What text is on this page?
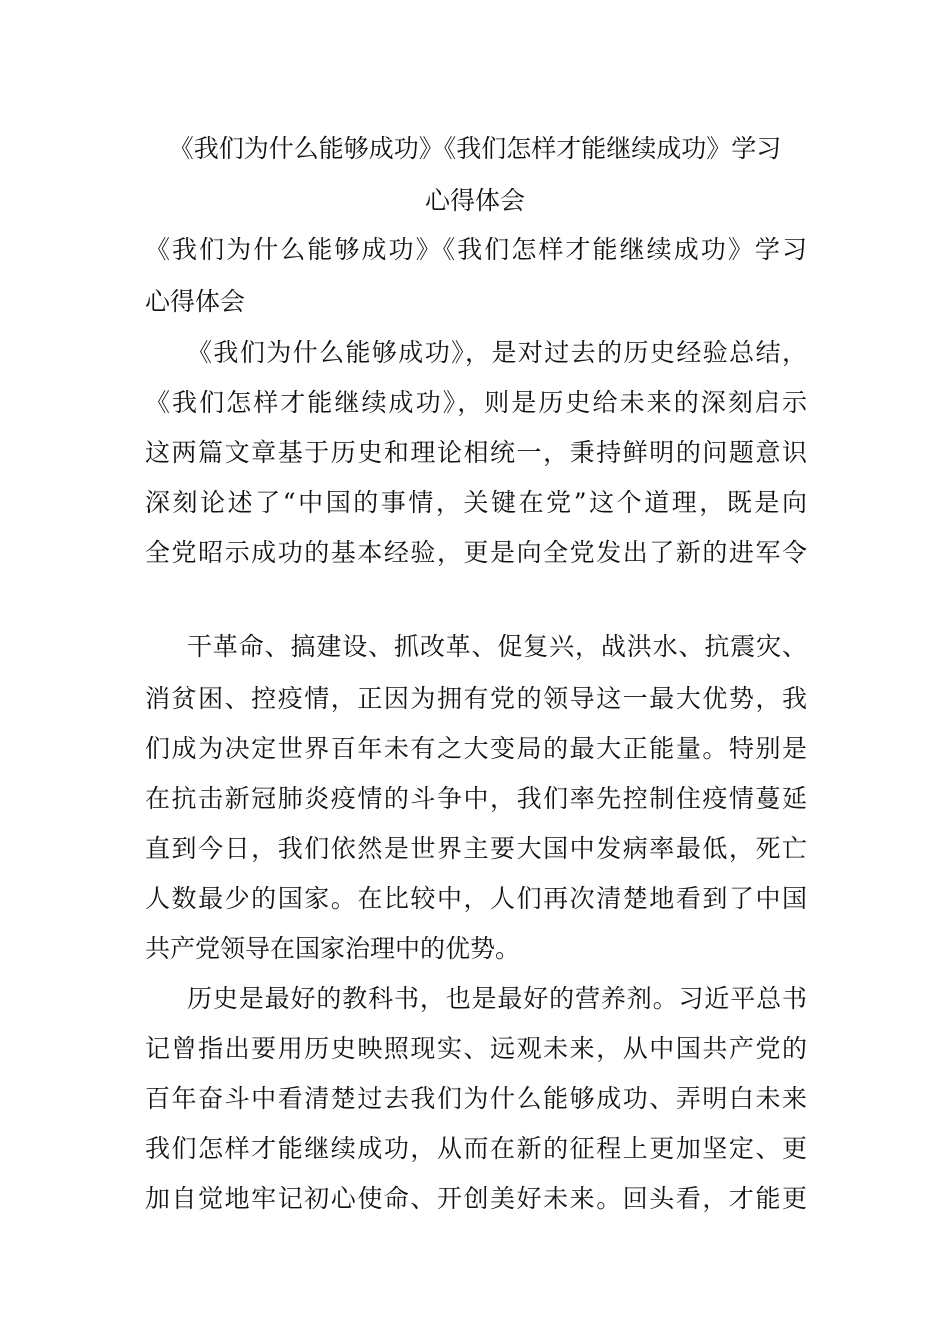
《我们为什么能够成功》《我们怎样才能继续成功》学习
心得体会
《我们为什么能够成功》《我们怎样才能继续成功》学习
心得体会
《我们为什么能够成功》，是对过去的历史经验总结，
《我们怎样才能继续成功》，则是历史给未来的深刻启示
这两篇文章基于历史和理论相统一，秉持鲜明的问题意识
深刻论述了“中国的事情，关键在党”这个道理，既是向
全党昭示成功的基本经验，更是向全党发出了新的进军令
干革命、搞建设、抓改革、促复兴，战洪水、抗震灾、
消贫困、控疫情，正因为拥有党的领导这一最大优势，我
们成为决定世界百年未有之大变局的最大正能量。特别是
在抗击新冠肺炎疫情的斗争中，我们率先控制住疫情蔓延
直到今日，我们依然是世界主要大国中发病率最低，死亡
人数最少的国家。在比较中，人们再次清楚地看到了中国
共产党领导在国家治理中的优势。
历史是最好的教科书，也是最好的营养剂。习近平总书
记曾指出要用历史映照现实、远观未来，从中国共产党的
百年奋斗中看清楚过去我们为什么能够成功、弄明白未来
我们怎样才能继续成功，从而在新的征程上更加坚定、更
加自觉地牢记初心使命、开创美好未来。回头看，才能更
